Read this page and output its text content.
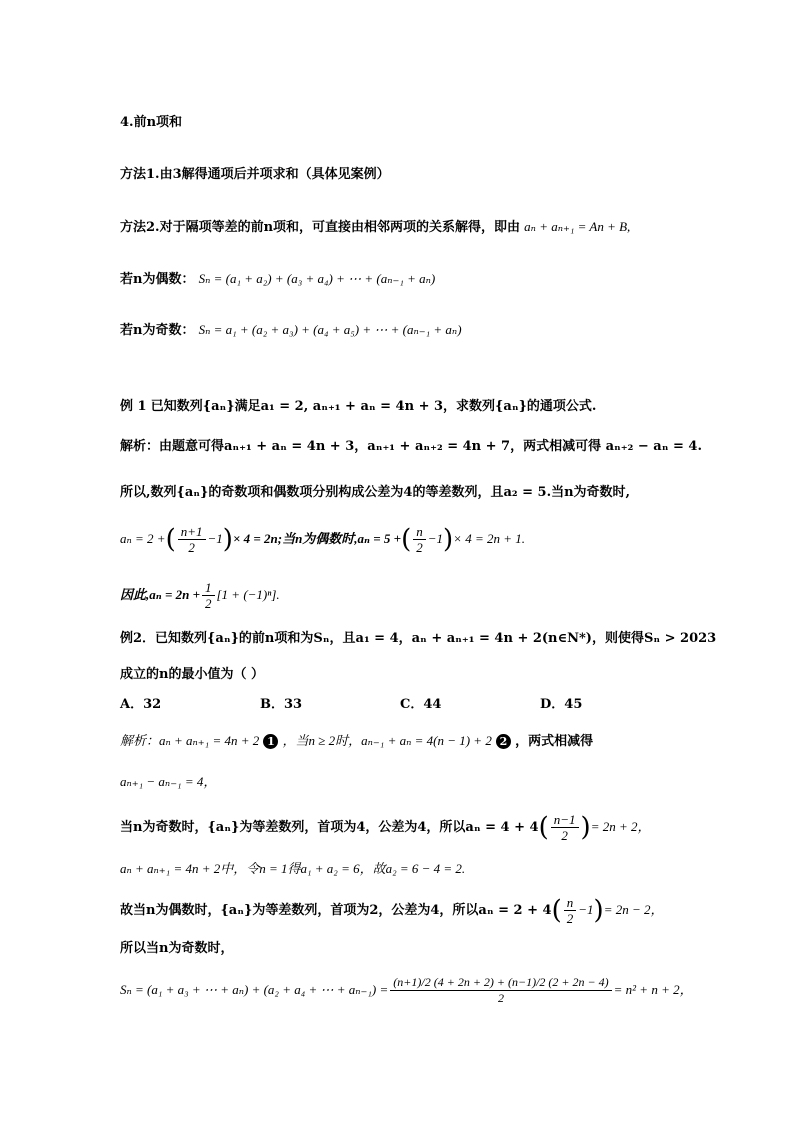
4.前n项和
方法1.由3解得通项后并项求和（具体见案例）
方法2.对于隔项等差的前n项和，可直接由相邻两项的关系解得，即由 aₙ + aₙ₊₁ = An + B,
若n为偶数： Sₙ = (a₁ + a₂) + (a₃ + a₄) + ⋯ + (aₙ₋₁ + aₙ)
若n为奇数： Sₙ = a₁ + (a₂ + a₃) + (a₄ + a₅) + ⋯ + (aₙ₋₁ + aₙ)
例 1 已知数列{aₙ}满足a₁ = 2, aₙ₊₁ + aₙ = 4n + 3，求数列{aₙ}的通项公式.
解析：由题意可得aₙ₊₁ + aₙ = 4n + 3，aₙ₊₁ + aₙ₊₂ = 4n + 7，两式相减可得 aₙ₊₂ − aₙ = 4.
所以,数列{aₙ}的奇数项和偶数项分别构成公差为4的等差数列，且a₂ = 5.当n为奇数时,
aₙ = 2 +( $\frac{n+1}{2} -1)\times 4 = 2n$;当n为偶数时,aₙ = 5 +( $\frac{n}{2} -1)\times 4 = 2n + 1$.
因此$,a_n = 2n + \frac{1}{2} [1 + (-1)^n]$.
例2．已知数列{aₙ}的前n项和为Sₙ，且a₁ = 4，aₙ + aₙ₊₁ = 4n + 2(n∈N*)，则使得Sₙ > 2023
成立的n的最小值为（ ）
A．32	B．33	C．44	D．45
解析：aₙ + aₙ₊₁ = 4n + 2 1 ，当n ≥ 2时，aₙ₋₁ + aₙ = 4(n − 1) + 2 2 ，两式相减得
aₙ₊₁ − aₙ₋₁ = 4，
当n为奇数时，{aₙ}为等差数列，首项为4，公差为4，所以$a_n = 4 + 4( \frac{n-1}{2}$ )= 2n + 2，
aₙ + aₙ₊₁ = 4n + 2中，令n = 1得a₁ + a₂ = 6，故a₂ = 6 − 4 = 2.
故当n为偶数时，{aₙ}为等差数列，首项为2，公差为4，所以$a_n = 2 + 4( \frac{n}{2} -1)= 2n - 2$，
所以当n为奇数时，
Sₙ = (a₁ + a₃ + ⋯ + aₙ) + (a₂ + a₄ + ⋯ + $a_{n-1}) = \frac{(n+1)/2 (4 + 2n + 2) + (n-1)/2 (2 + 2n - 4)}{2} = n^2 + n + 2$，
